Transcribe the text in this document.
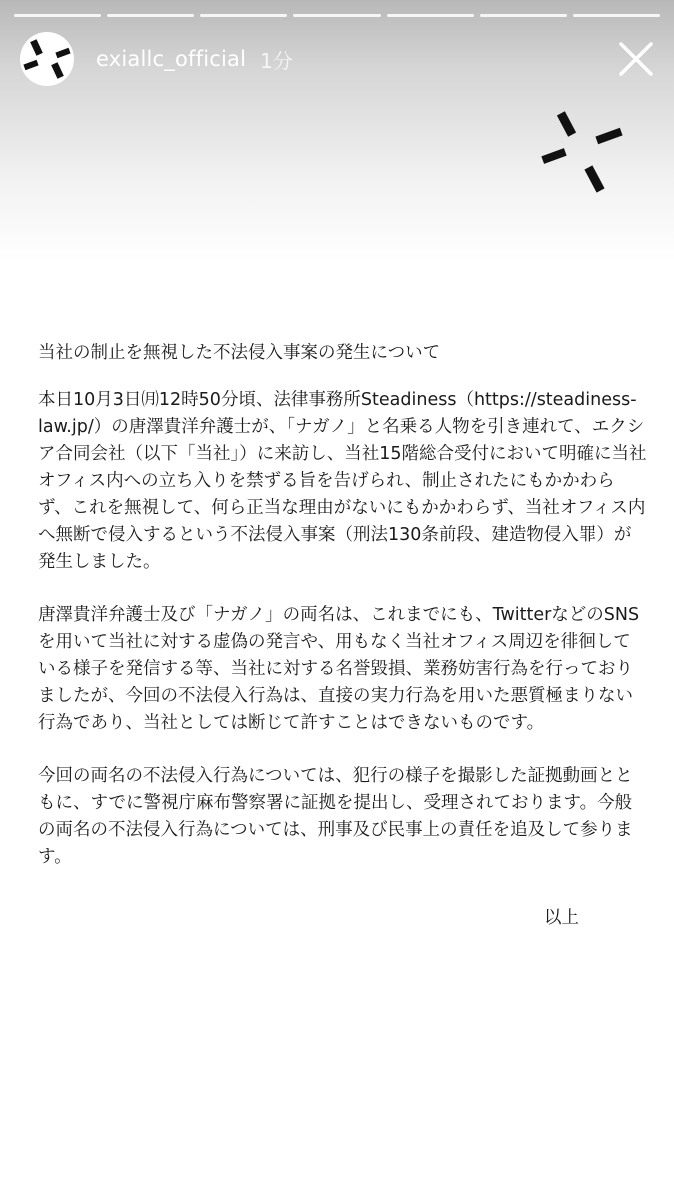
exiallc_official 1分

当社の制止を無視した不法侵入事案の発生について

本日10月3日㈪12時50分頃、法律事務所Steadiness（https://steadiness-law.jp/）の唐澤貴洋弁護士が、「ナガノ」と名乗る人物を引き連れて、エクシア合同会社（以下「当社」）に来訪し、当社15階総合受付において明確に当社オフィス内への立ち入りを禁ずる旨を告げられ、制止されたにもかかわらず、これを無視して、何ら正当な理由がないにもかかわらず、当社オフィス内へ無断で侵入するという不法侵入事案（刑法130条前段、建造物侵入罪）が発生しました。

唐澤貴洋弁護士及び「ナガノ」の両名は、これまでにも、TwitterなどのSNSを用いて当社に対する虚偽の発言や、用もなく当社オフィス周辺を徘徊している様子を発信する等、当社に対する名誉毀損、業務妨害行為を行っておりましたが、今回の不法侵入行為は、直接の実力行為を用いた悪質極まりない行為であり、当社としては断じて許すことはできないものです。

今回の両名の不法侵入行為については、犯行の様子を撮影した証拠動画とともに、すでに警視庁麻布警察署に証拠を提出し、受理されております。今般の両名の不法侵入行為については、刑事及び民事上の責任を追及して参ります。

以上
